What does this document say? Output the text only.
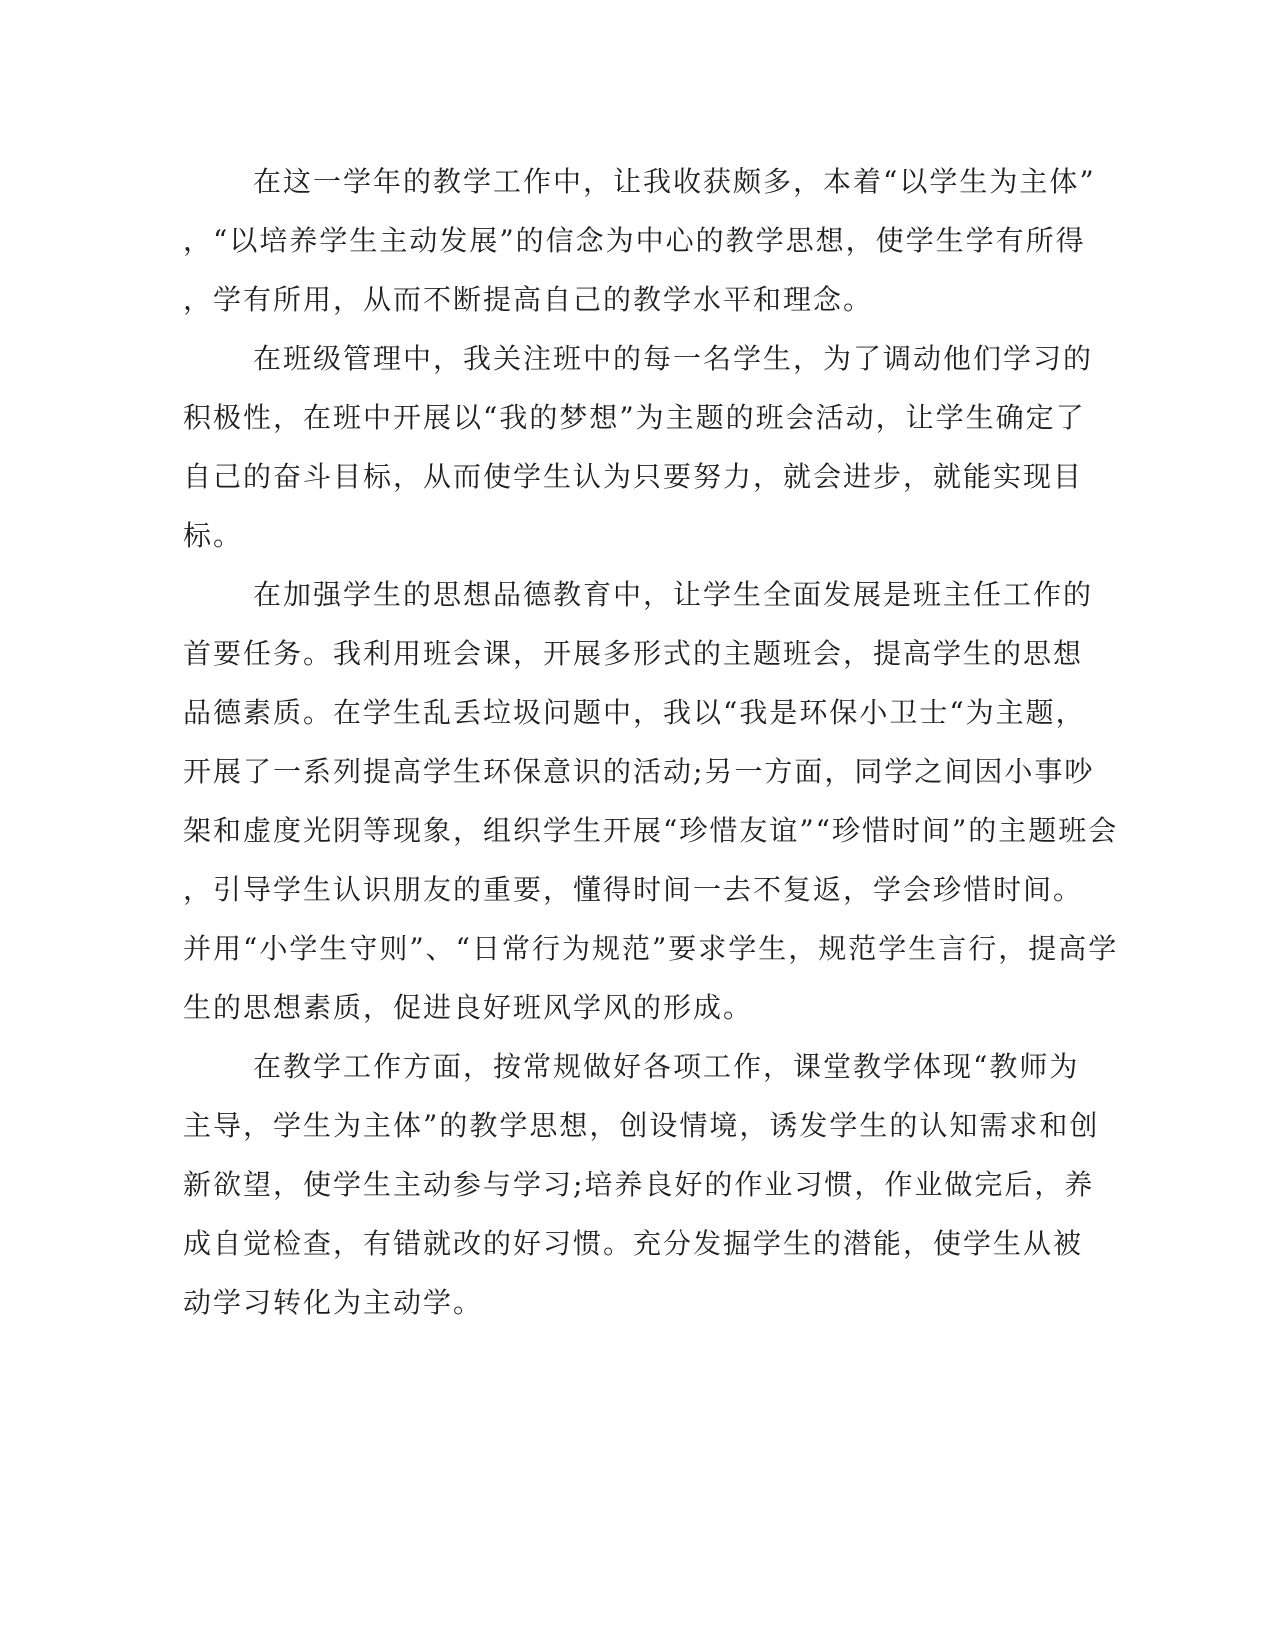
在这一学年的教学工作中，让我收获颇多，本着“以学生为主体”
，“以培养学生主动发展”的信念为中心的教学思想，使学生学有所得
，学有所用，从而不断提高自己的教学水平和理念。
在班级管理中，我关注班中的每一名学生，为了调动他们学习的
积极性，在班中开展以“我的梦想”为主题的班会活动，让学生确定了
自己的奋斗目标，从而使学生认为只要努力，就会进步，就能实现目
标。
在加强学生的思想品德教育中，让学生全面发展是班主任工作的
首要任务。我利用班会课，开展多形式的主题班会，提高学生的思想
品德素质。在学生乱丢垃圾问题中，我以“我是环保小卫士“为主题，
开展了一系列提高学生环保意识的活动;另一方面，同学之间因小事吵
架和虚度光阴等现象，组织学生开展“珍惜友谊”“珍惜时间”的主题班会
，引导学生认识朋友的重要，懂得时间一去不复返，学会珍惜时间。
并用“小学生守则”、“日常行为规范”要求学生，规范学生言行，提高学
生的思想素质，促进良好班风学风的形成。
在教学工作方面，按常规做好各项工作，课堂教学体现“教师为
主导，学生为主体”的教学思想，创设情境，诱发学生的认知需求和创
新欲望，使学生主动参与学习;培养良好的作业习惯，作业做完后，养
成自觉检查，有错就改的好习惯。充分发掘学生的潜能，使学生从被
动学习转化为主动学。
